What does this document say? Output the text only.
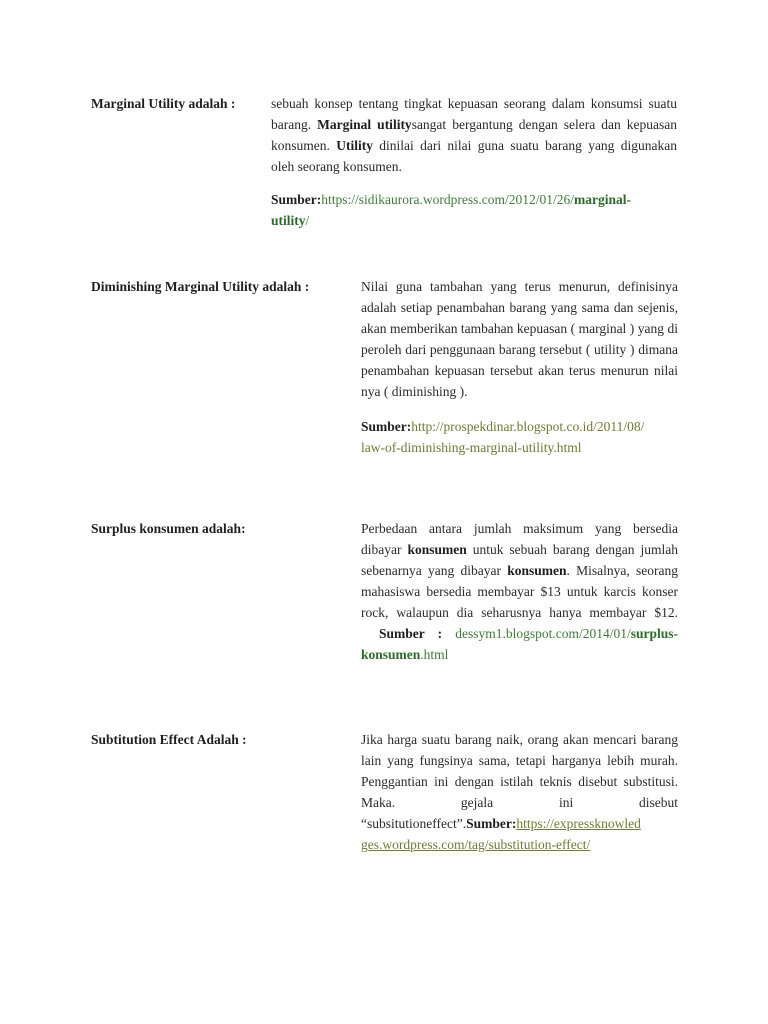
Marginal Utility adalah :	sebuah konsep tentang tingkat kepuasan seorang dalam konsumsi suatu barang. Marginal utilitysangat bergantung dengan selera dan kepuasan konsumen. Utility dinilai dari nilai guna suatu barang yang digunakan oleh seorang konsumen.

Sumber:https://sidikaurora.wordpress.com/2012/01/26/marginal-
utility/

Diminishing Marginal Utility adalah :	Nilai guna tambahan yang terus menurun, definisinya adalah setiap penambahan barang yang sama dan sejenis, akan memberikan tambahan kepuasan ( marginal ) yang di peroleh dari penggunaan barang tersebut ( utility ) dimana penambahan kepuasan tersebut akan terus menurun nilai nya ( diminishing ).

Sumber:http://prospekdinar.blogspot.co.id/2011/08/
law-of-diminishing-marginal-utility.html

Surplus konsumen adalah:	Perbedaan antara jumlah maksimum yang bersedia dibayar konsumen untuk sebuah barang dengan jumlah sebenarnya yang dibayar konsumen. Misalnya, seorang mahasiswa bersedia membayar $13 untuk karcis konser rock, walaupun dia seharusnya hanya membayar $12. Sumber : dessym1.blogspot.com/2014/01/surplus-konsumen.html

Subtitution Effect Adalah :	Jika harga suatu barang naik, orang akan mencari barang lain yang fungsinya sama, tetapi harganya lebih murah. Penggantian ini dengan istilah teknis disebut substitusi. Maka. gejala ini disebut “subsitutioneffect”.Sumber:https://expressknowled ges.wordpress.com/tag/substitution-effect/
